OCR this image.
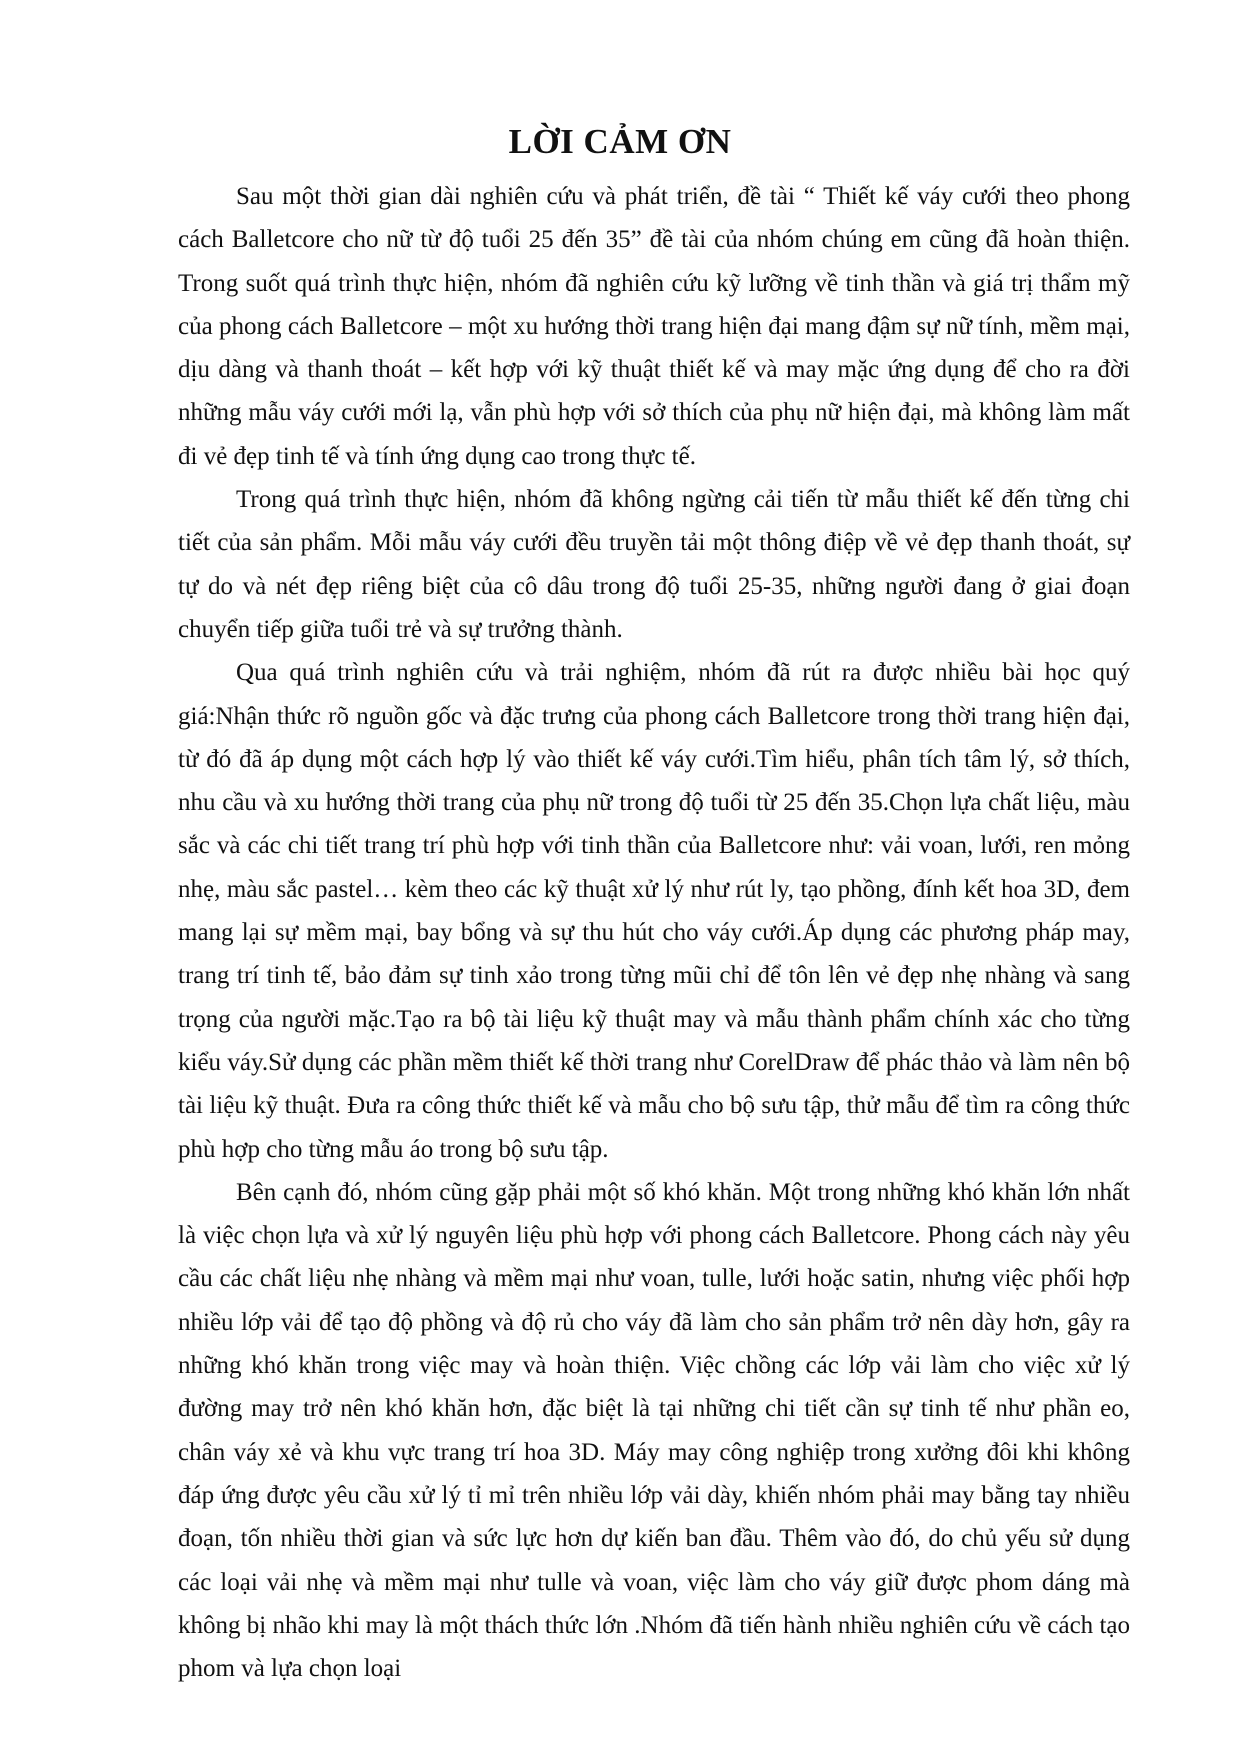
LỜI CẢM ƠN

Sau một thời gian dài nghiên cứu và phát triển, đề tài “ Thiết kế váy cưới theo phong cách Balletcore cho nữ từ độ tuổi 25 đến 35” đề tài của nhóm chúng em cũng đã hoàn thiện. Trong suốt quá trình thực hiện, nhóm đã nghiên cứu kỹ lưỡng về tinh thần và giá trị thẩm mỹ của phong cách Balletcore – một xu hướng thời trang hiện đại mang đậm sự nữ tính, mềm mại, dịu dàng và thanh thoát – kết hợp với kỹ thuật thiết kế và may mặc ứng dụng để cho ra đời những mẫu váy cưới mới lạ, vẫn phù hợp với sở thích của phụ nữ hiện đại, mà không làm mất đi vẻ đẹp tinh tế và tính ứng dụng cao trong thực tế.

Trong quá trình thực hiện, nhóm đã không ngừng cải tiến từ mẫu thiết kế đến từng chi tiết của sản phẩm. Mỗi mẫu váy cưới đều truyền tải một thông điệp về vẻ đẹp thanh thoát, sự tự do và nét đẹp riêng biệt của cô dâu trong độ tuổi 25-35, những người đang ở giai đoạn chuyển tiếp giữa tuổi trẻ và sự trưởng thành.

Qua quá trình nghiên cứu và trải nghiệm, nhóm đã rút ra được nhiều bài học quý giá:Nhận thức rõ nguồn gốc và đặc trưng của phong cách Balletcore trong thời trang hiện đại, từ đó đã áp dụng một cách hợp lý vào thiết kế váy cưới.Tìm hiểu, phân tích tâm lý, sở thích, nhu cầu và xu hướng thời trang của phụ nữ trong độ tuổi từ 25 đến 35.Chọn lựa chất liệu, màu sắc và các chi tiết trang trí phù hợp với tinh thần của Balletcore như: vải voan, lưới, ren mỏng nhẹ, màu sắc pastel… kèm theo các kỹ thuật xử lý như rút ly, tạo phồng, đính kết hoa 3D, đem mang lại sự mềm mại, bay bổng và sự thu hút cho váy cưới.Áp dụng các phương pháp may, trang trí tinh tế, bảo đảm sự tinh xảo trong từng mũi chỉ để tôn lên vẻ đẹp nhẹ nhàng và sang trọng của người mặc.Tạo ra bộ tài liệu kỹ thuật may và mẫu thành phẩm chính xác cho từng kiểu váy.Sử dụng các phần mềm thiết kế thời trang như CorelDraw để phác thảo và làm nên bộ tài liệu kỹ thuật. Đưa ra công thức thiết kế và mẫu cho bộ sưu tập, thử mẫu để tìm ra công thức phù hợp cho từng mẫu áo trong bộ sưu tập.

Bên cạnh đó, nhóm cũng gặp phải một số khó khăn. Một trong những khó khăn lớn nhất là việc chọn lựa và xử lý nguyên liệu phù hợp với phong cách Balletcore. Phong cách này yêu cầu các chất liệu nhẹ nhàng và mềm mại như voan, tulle, lưới hoặc satin, nhưng việc phối hợp nhiều lớp vải để tạo độ phồng và độ rủ cho váy đã làm cho sản phẩm trở nên dày hơn, gây ra những khó khăn trong việc may và hoàn thiện. Việc chồng các lớp vải làm cho việc xử lý đường may trở nên khó khăn hơn, đặc biệt là tại những chi tiết cần sự tinh tế như phần eo, chân váy xẻ và khu vực trang trí hoa 3D. Máy may công nghiệp trong xưởng đôi khi không đáp ứng được yêu cầu xử lý tỉ mỉ trên nhiều lớp vải dày, khiến nhóm phải may bằng tay nhiều đoạn, tốn nhiều thời gian và sức lực hơn dự kiến ban đầu. Thêm vào đó, do chủ yếu sử dụng các loại vải nhẹ và mềm mại như tulle và voan, việc làm cho váy giữ được phom dáng mà không bị nhão khi may là một thách thức lớn .Nhóm đã tiến hành nhiều nghiên cứu về cách tạo phom và lựa chọn loại
